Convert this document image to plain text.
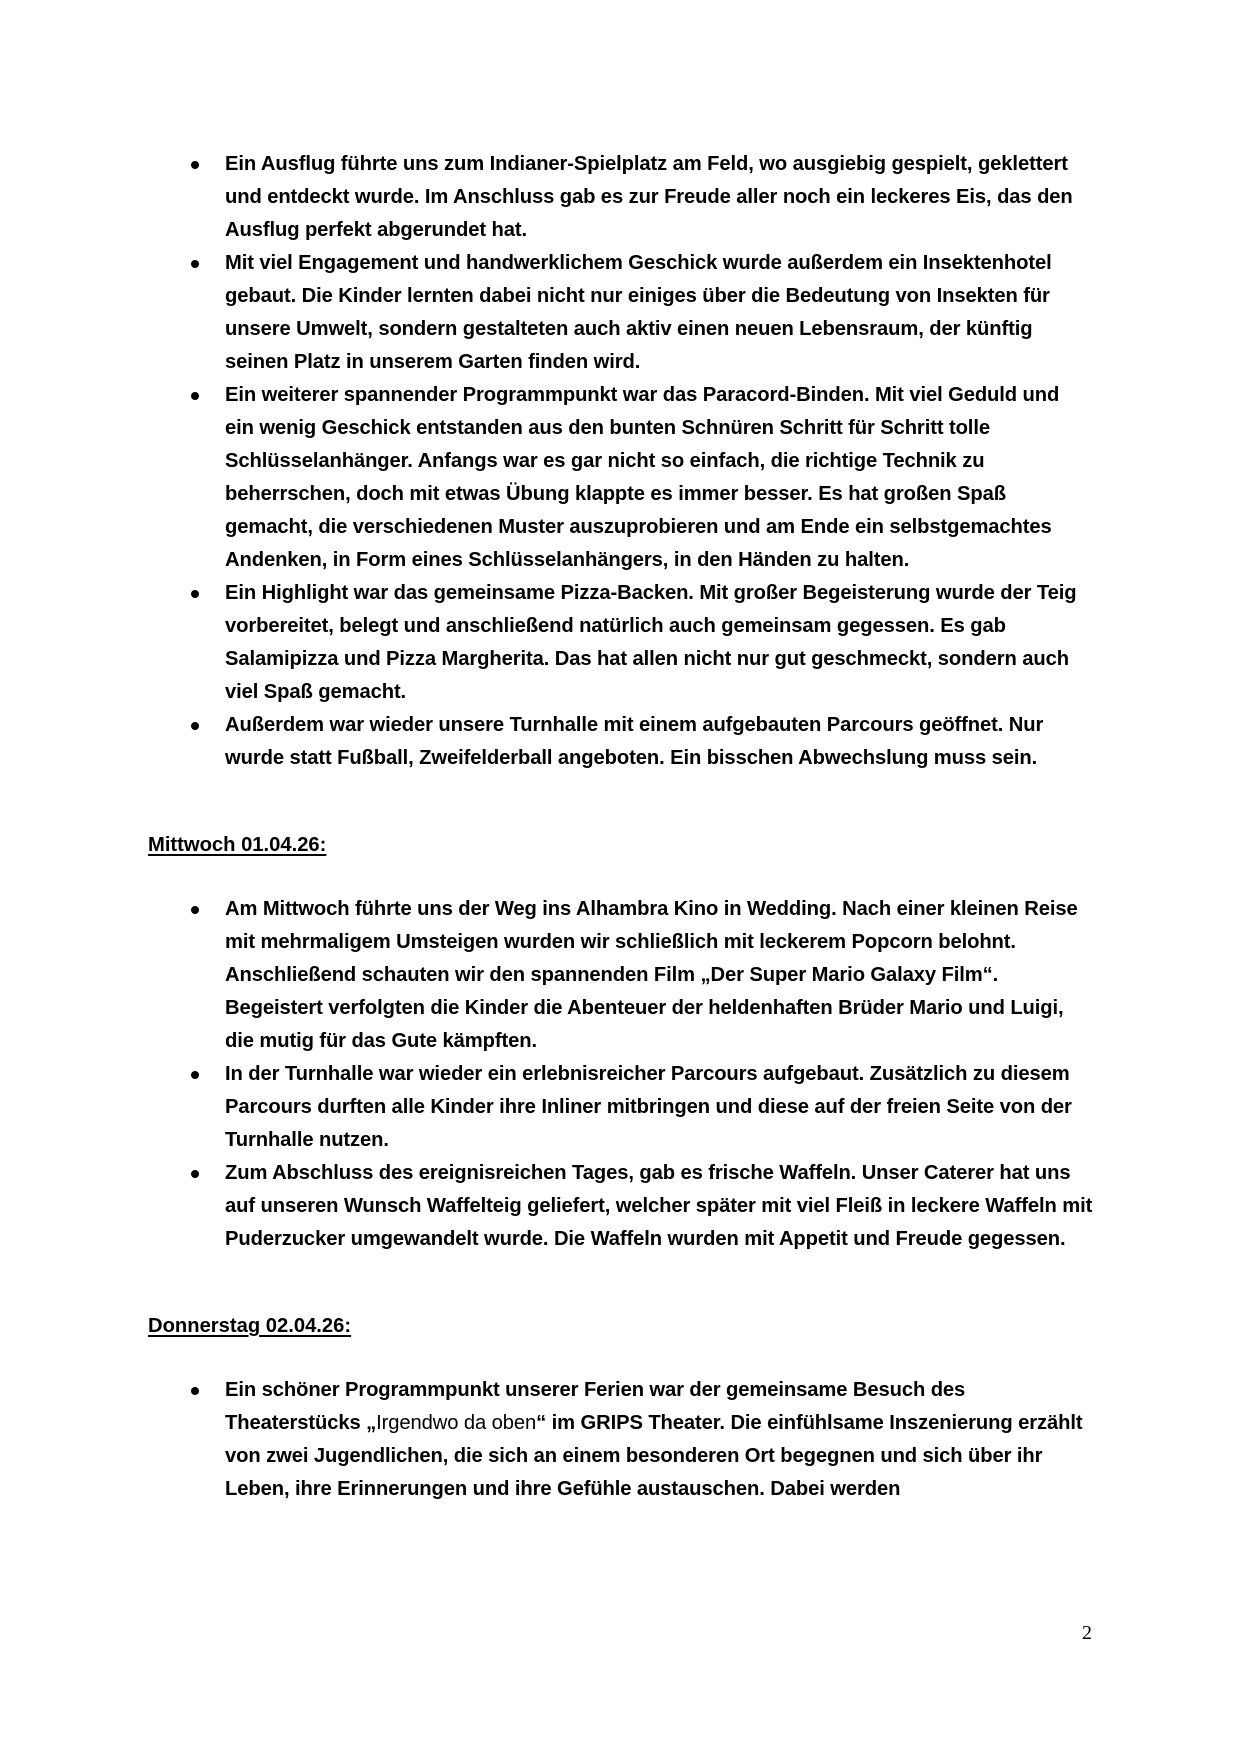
Ein Ausflug führte uns zum Indianer-Spielplatz am Feld, wo ausgiebig gespielt, geklettert und entdeckt wurde. Im Anschluss gab es zur Freude aller noch ein leckeres Eis, das den Ausflug perfekt abgerundet hat.
Mit viel Engagement und handwerklichem Geschick wurde außerdem ein Insektenhotel gebaut. Die Kinder lernten dabei nicht nur einiges über die Bedeutung von Insekten für unsere Umwelt, sondern gestalteten auch aktiv einen neuen Lebensraum, der künftig seinen Platz in unserem Garten finden wird.
Ein weiterer spannender Programmpunkt war das Paracord-Binden. Mit viel Geduld und ein wenig Geschick entstanden aus den bunten Schnüren Schritt für Schritt tolle Schlüsselanhänger. Anfangs war es gar nicht so einfach, die richtige Technik zu beherrschen, doch mit etwas Übung klappte es immer besser. Es hat großen Spaß gemacht, die verschiedenen Muster auszuprobieren und am Ende ein selbstgemachtes Andenken, in Form eines Schlüsselanhängers, in den Händen zu halten.
Ein Highlight war das gemeinsame Pizza-Backen. Mit großer Begeisterung wurde der Teig vorbereitet, belegt und anschließend natürlich auch gemeinsam gegessen. Es gab Salamipizza und Pizza Margherita. Das hat allen nicht nur gut geschmeckt, sondern auch viel Spaß gemacht.
Außerdem war wieder unsere Turnhalle mit einem aufgebauten Parcours geöffnet. Nur wurde statt Fußball, Zweifelderball angeboten. Ein bisschen Abwechslung muss sein.

Mittwoch 01.04.26:

Am Mittwoch führte uns der Weg ins Alhambra Kino in Wedding. Nach einer kleinen Reise mit mehrmaligem Umsteigen wurden wir schließlich mit leckerem Popcorn belohnt. Anschließend schauten wir den spannenden Film „Der Super Mario Galaxy Film“. Begeistert verfolgten die Kinder die Abenteuer der heldenhaften Brüder Mario und Luigi, die mutig für das Gute kämpften.
In der Turnhalle war wieder ein erlebnisreicher Parcours aufgebaut. Zusätzlich zu diesem Parcours durften alle Kinder ihre Inliner mitbringen und diese auf der freien Seite von der Turnhalle nutzen.
Zum Abschluss des ereignisreichen Tages, gab es frische Waffeln. Unser Caterer hat uns auf unseren Wunsch Waffelteig geliefert, welcher später mit viel Fleiß in leckere Waffeln mit Puderzucker umgewandelt wurde. Die Waffeln wurden mit Appetit und Freude gegessen.

Donnerstag 02.04.26:

Ein schöner Programmpunkt unserer Ferien war der gemeinsame Besuch des Theaterstücks „Irgendwo da oben“ im GRIPS Theater. Die einfühlsame Inszenierung erzählt von zwei Jugendlichen, die sich an einem besonderen Ort begegnen und sich über ihr Leben, ihre Erinnerungen und ihre Gefühle austauschen. Dabei werden
2
